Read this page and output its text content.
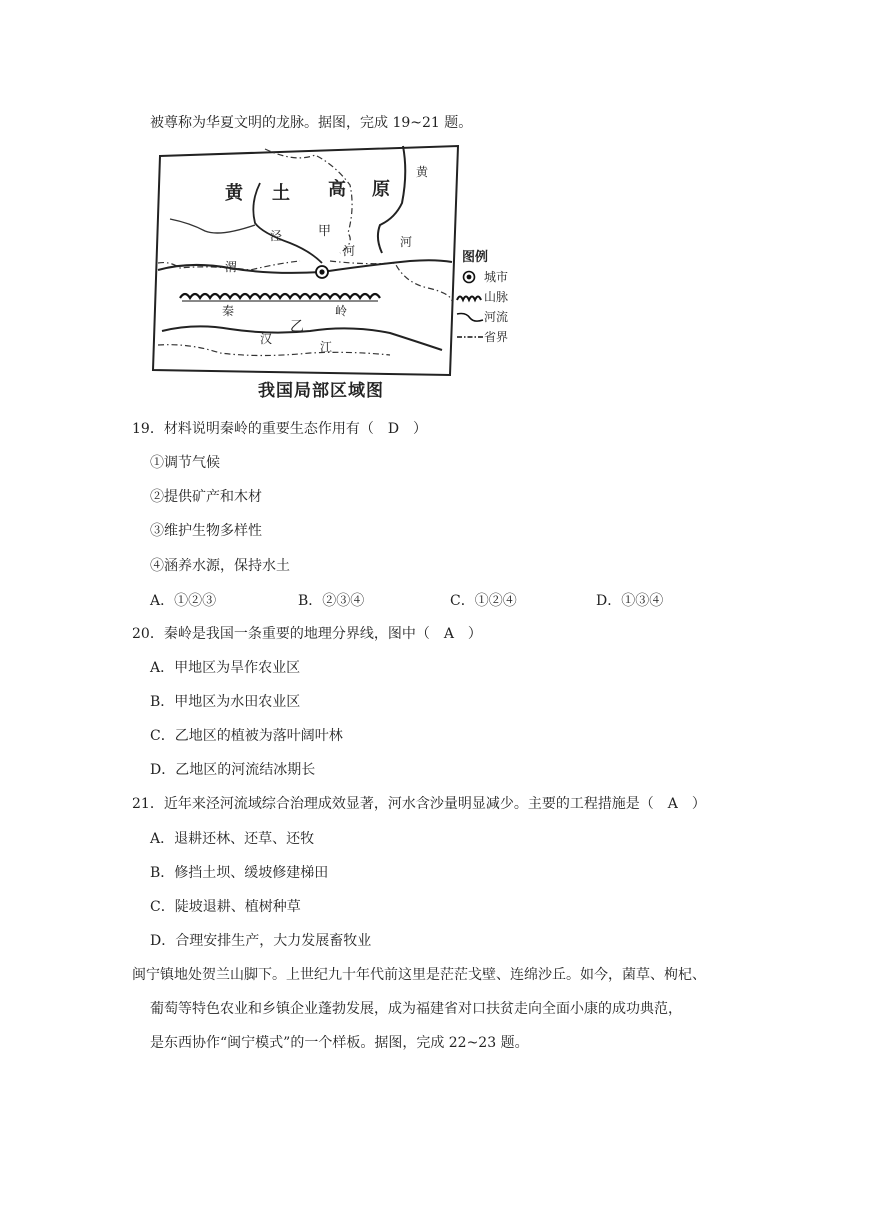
被尊称为华夏文明的龙脉。据图，完成 19~21 题。
黄 土 高 原
黄
河
泾
河
甲
渭
秦	岭
乙
汉
江
图例
城市
山脉
河流
省界
我国局部区域图
19．材料说明秦岭的重要生态作用有（　D　）
①调节气候
②提供矿产和木材
③维护生物多样性
④涵养水源，保持水土
A．①②③	B．②③④	C．①②④	D．①③④
20．秦岭是我国一条重要的地理分界线，图中（　A　）
A．甲地区为旱作农业区
B．甲地区为水田农业区
C．乙地区的植被为落叶阔叶林
D．乙地区的河流结冰期长
21．近年来泾河流域综合治理成效显著，河水含沙量明显减少。主要的工程措施是（　A　）
A．退耕还林、还草、还牧
B．修挡土坝、缓坡修建梯田
C．陡坡退耕、植树种草
D．合理安排生产，大力发展畜牧业
闽宁镇地处贺兰山脚下。上世纪九十年代前这里是茫茫戈壁、连绵沙丘。如今，菌草、枸杞、
葡萄等特色农业和乡镇企业蓬勃发展，成为福建省对口扶贫走向全面小康的成功典范，
是东西协作“闽宁模式”的一个样板。据图，完成 22~23 题。
